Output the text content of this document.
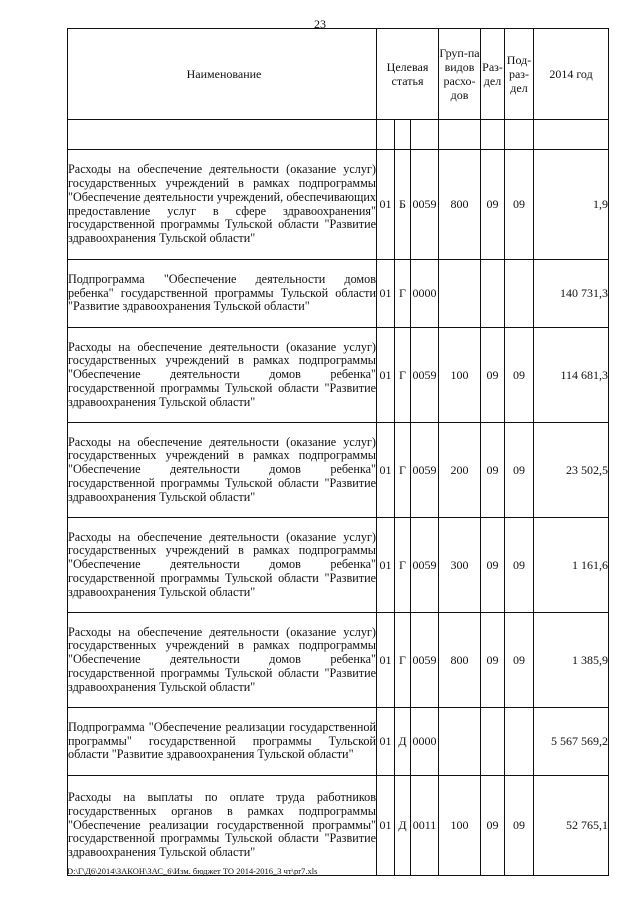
23
Наименование	Целевая статья			Груп-па видов расхо-дов	Раз-дел	Под-раз-дел	2014 год

Расходы на обеспечение деятельности (оказание услуг) государственных учреждений в рамках подпрограммы "Обеспечение деятельности учреждений, обеспечивающих предоставление услуг в сфере здравоохранения" государственной программы Тульской области "Развитие здравоохранения Тульской области"	01	Б	0059	800	09	09	1,9
Подпрограмма "Обеспечение деятельности домов ребенка" государственной программы Тульской области "Развитие здравоохранения Тульской области"	01	Г	0000				140 731,3
Расходы на обеспечение деятельности (оказание услуг) государственных учреждений в рамках подпрограммы "Обеспечение деятельности домов ребенка" государственной программы Тульской области "Развитие здравоохранения Тульской области"	01	Г	0059	100	09	09	114 681,3
Расходы на обеспечение деятельности (оказание услуг) государственных учреждений в рамках подпрограммы "Обеспечение деятельности домов ребенка" государственной программы Тульской области "Развитие здравоохранения Тульской области"	01	Г	0059	200	09	09	23 502,5
Расходы на обеспечение деятельности (оказание услуг) государственных учреждений в рамках подпрограммы "Обеспечение деятельности домов ребенка" государственной программы Тульской области "Развитие здравоохранения Тульской области"	01	Г	0059	300	09	09	1 161,6
Расходы на обеспечение деятельности (оказание услуг) государственных учреждений в рамках подпрограммы "Обеспечение деятельности домов ребенка" государственной программы Тульской области "Развитие здравоохранения Тульской области"	01	Г	0059	800	09	09	1 385,9
Подпрограмма "Обеспечение реализации государственной программы" государственной программы Тульской области "Развитие здравоохранения Тульской области"	01	Д	0000				5 567 569,2
Расходы на выплаты по оплате труда работников государственных органов в рамках подпрограммы "Обеспечение реализации государственной программы" государственной программы Тульской области "Развитие здравоохранения Тульской области"	01	Д	0011	100	09	09	52 765,1
D:\Г\Д6\2014\ЗАКОН\ЗАС_6\Изм. бюджет ТО 2014-2016_3 чт\pr7.xls
